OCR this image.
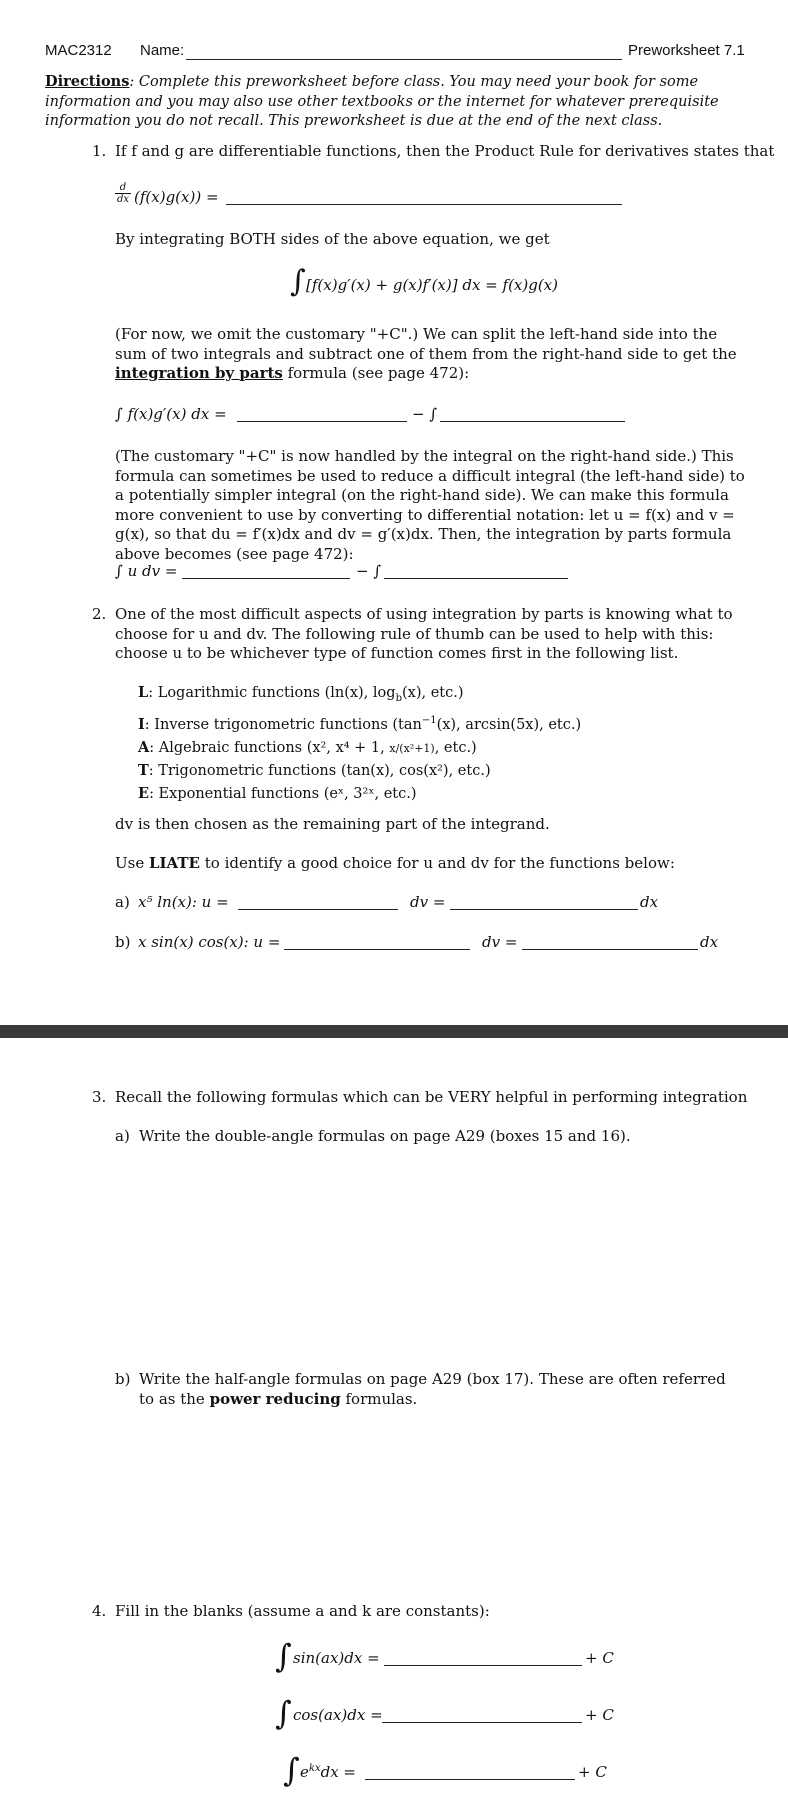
MAC2312 Name:	Preworksheet 7.1
Directions: Complete this preworksheet before class. You may need your book for some information and you may also use other textbooks or the internet for whatever prerequisite information you do not recall. This preworksheet is due at the end of the next class.
1. If f and g are differentiable functions, then the Product Rule for derivatives states that
d
dx (f(x)g(x)) =
By integrating BOTH sides of the above equation, we get
∫ [f(x)g′(x) + g(x)f′(x)] dx = f(x)g(x)
(For now, we omit the customary "+C".) We can split the left-hand side into the sum of two integrals and subtract one of them from the right-hand side to get the integration by parts formula (see page 472):
∫ f(x)g′(x) dx =	− ∫
(The customary "+C" is now handled by the integral on the right-hand side.) This formula can sometimes be used to reduce a difficult integral (the left-hand side) to a potentially simpler integral (on the right-hand side). We can make this formula more convenient to use by converting to differential notation: let u = f(x) and v = g(x), so that du = f′(x)dx and dv = g′(x)dx. Then, the integration by parts formula above becomes (see page 472):
∫ u dv =	− ∫
2. One of the most difficult aspects of using integration by parts is knowing what to choose for u and dv. The following rule of thumb can be used to help with this: choose u to be whichever type of function comes first in the following list.
L: Logarithmic functions (ln(x), $\log_b(x)$, etc.)
I: Inverse trigonometric functions ($\tan^{-1}(x)$, arcsin(5x), etc.)
A: Algebraic functions (x², x⁴ + 1, x/(x²+1), etc.)
T: Trigonometric functions (tan(x), cos(x²), etc.)
E: Exponential functions (eˣ, 3²ˣ, etc.)
dv is then chosen as the remaining part of the integrand.
Use LIATE to identify a good choice for u and dv for the functions below:
a) x⁵ ln(x): u =	dv =	dx
b) x sin(x) cos(x): u =	dv =	dx
3. Recall the following formulas which can be VERY helpful in performing integration
a) Write the double-angle formulas on page A29 (boxes 15 and 16).
b) Write the half-angle formulas on page A29 (box 17). These are often referred to as the power reducing formulas.
4. Fill in the blanks (assume a and k are constants):
∫ sin(ax)dx =	+ C
∫ cos(ax)dx =	+ C
∫ $e^{kx}dx$ =	+ C
